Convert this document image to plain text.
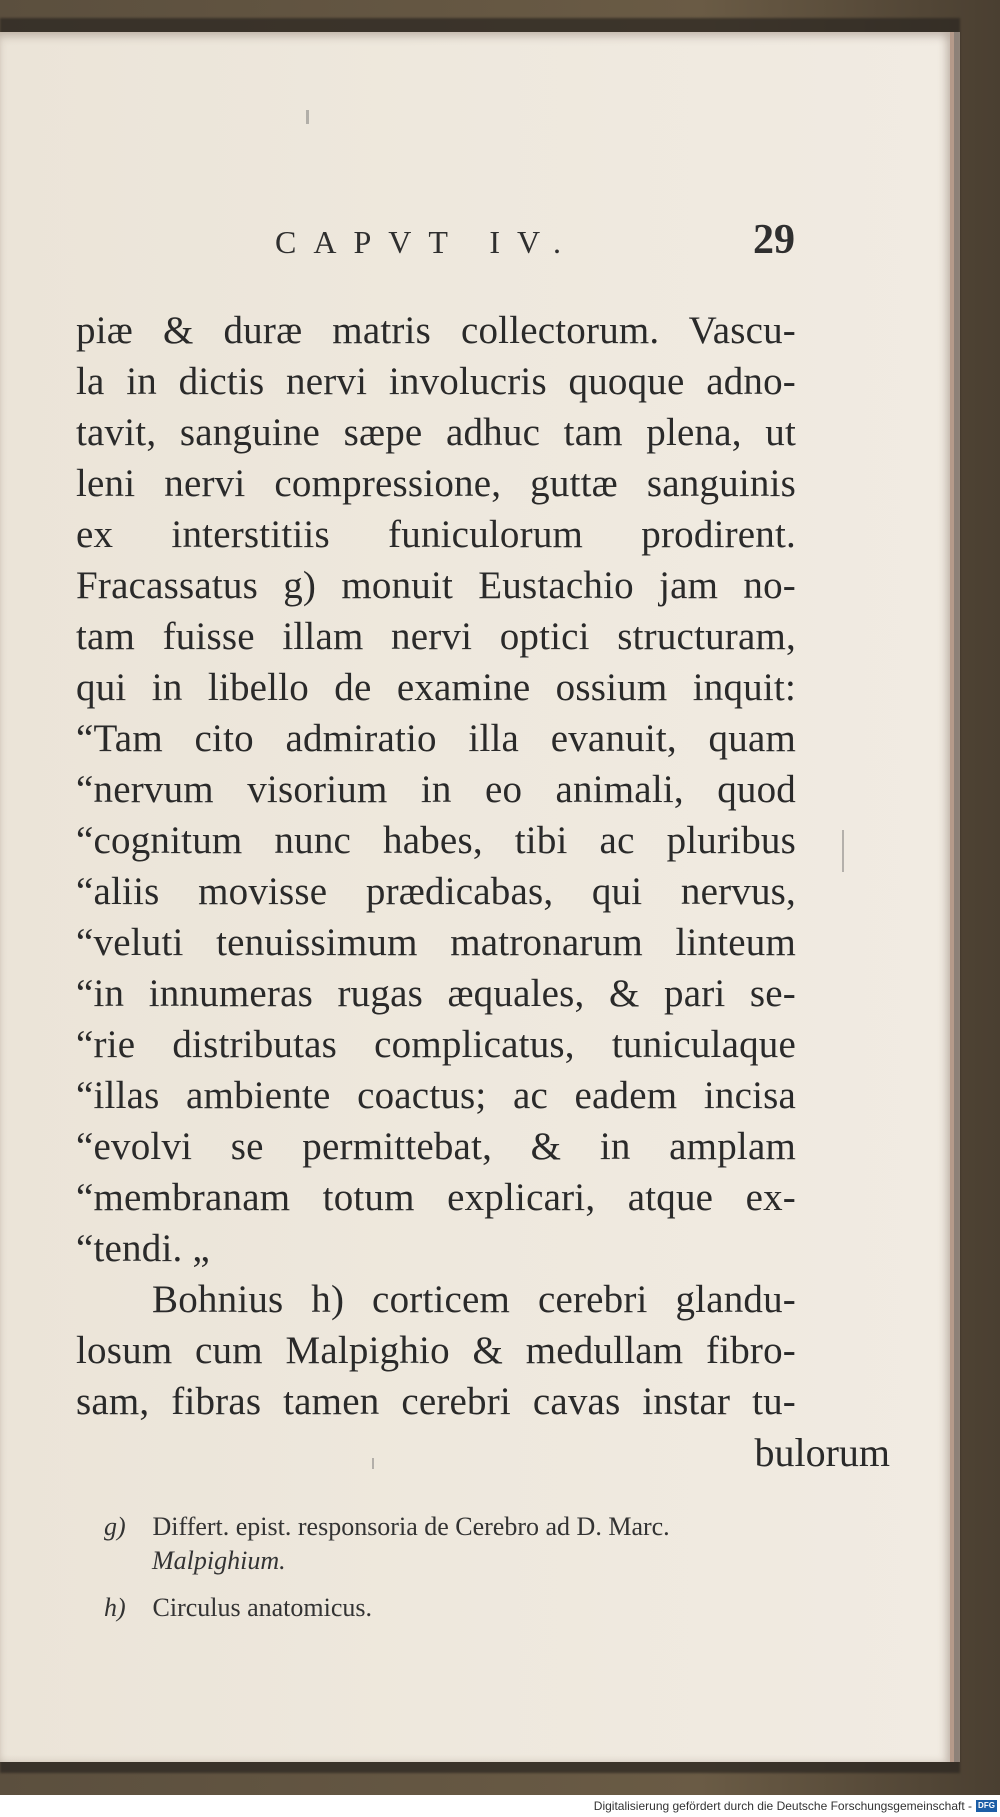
CAPVT IV.	29
piæ & duræ matris collectorum. Vascu-
la in dictis nervi involucris quoque adno-
tavit, sanguine sæpe adhuc tam plena, ut
leni nervi compressione, guttæ sanguinis
ex interstitiis funiculorum prodirent.
Fracassatus g) monuit Eustachio jam no-
tam fuisse illam nervi optici structuram,
qui in libello de examine ossium inquit:
“Tam cito admiratio illa evanuit, quam
“nervum visorium in eo animali, quod
“cognitum nunc habes, tibi ac pluribus
“aliis movisse prædicabas, qui nervus,
“veluti tenuissimum matronarum linteum
“in innumeras rugas æquales, & pari se-
“rie distributas complicatus, tuniculaque
“illas ambiente coactus; ac eadem incisa
“evolvi se permittebat, & in amplam
“membranam totum explicari, atque ex-
“tendi. „
Bohnius h) corticem cerebri glandu-
losum cum Malpighio & medullam fibro-
sam, fibras tamen cerebri cavas instar tu-
bulorum
g) Differt. epist. responsoria de Cerebro ad D. Marc.
Malpighium.
h) Circulus anatomicus.
Digitalisierung gefördert durch die Deutsche Forschungsgemeinschaft - DFG
